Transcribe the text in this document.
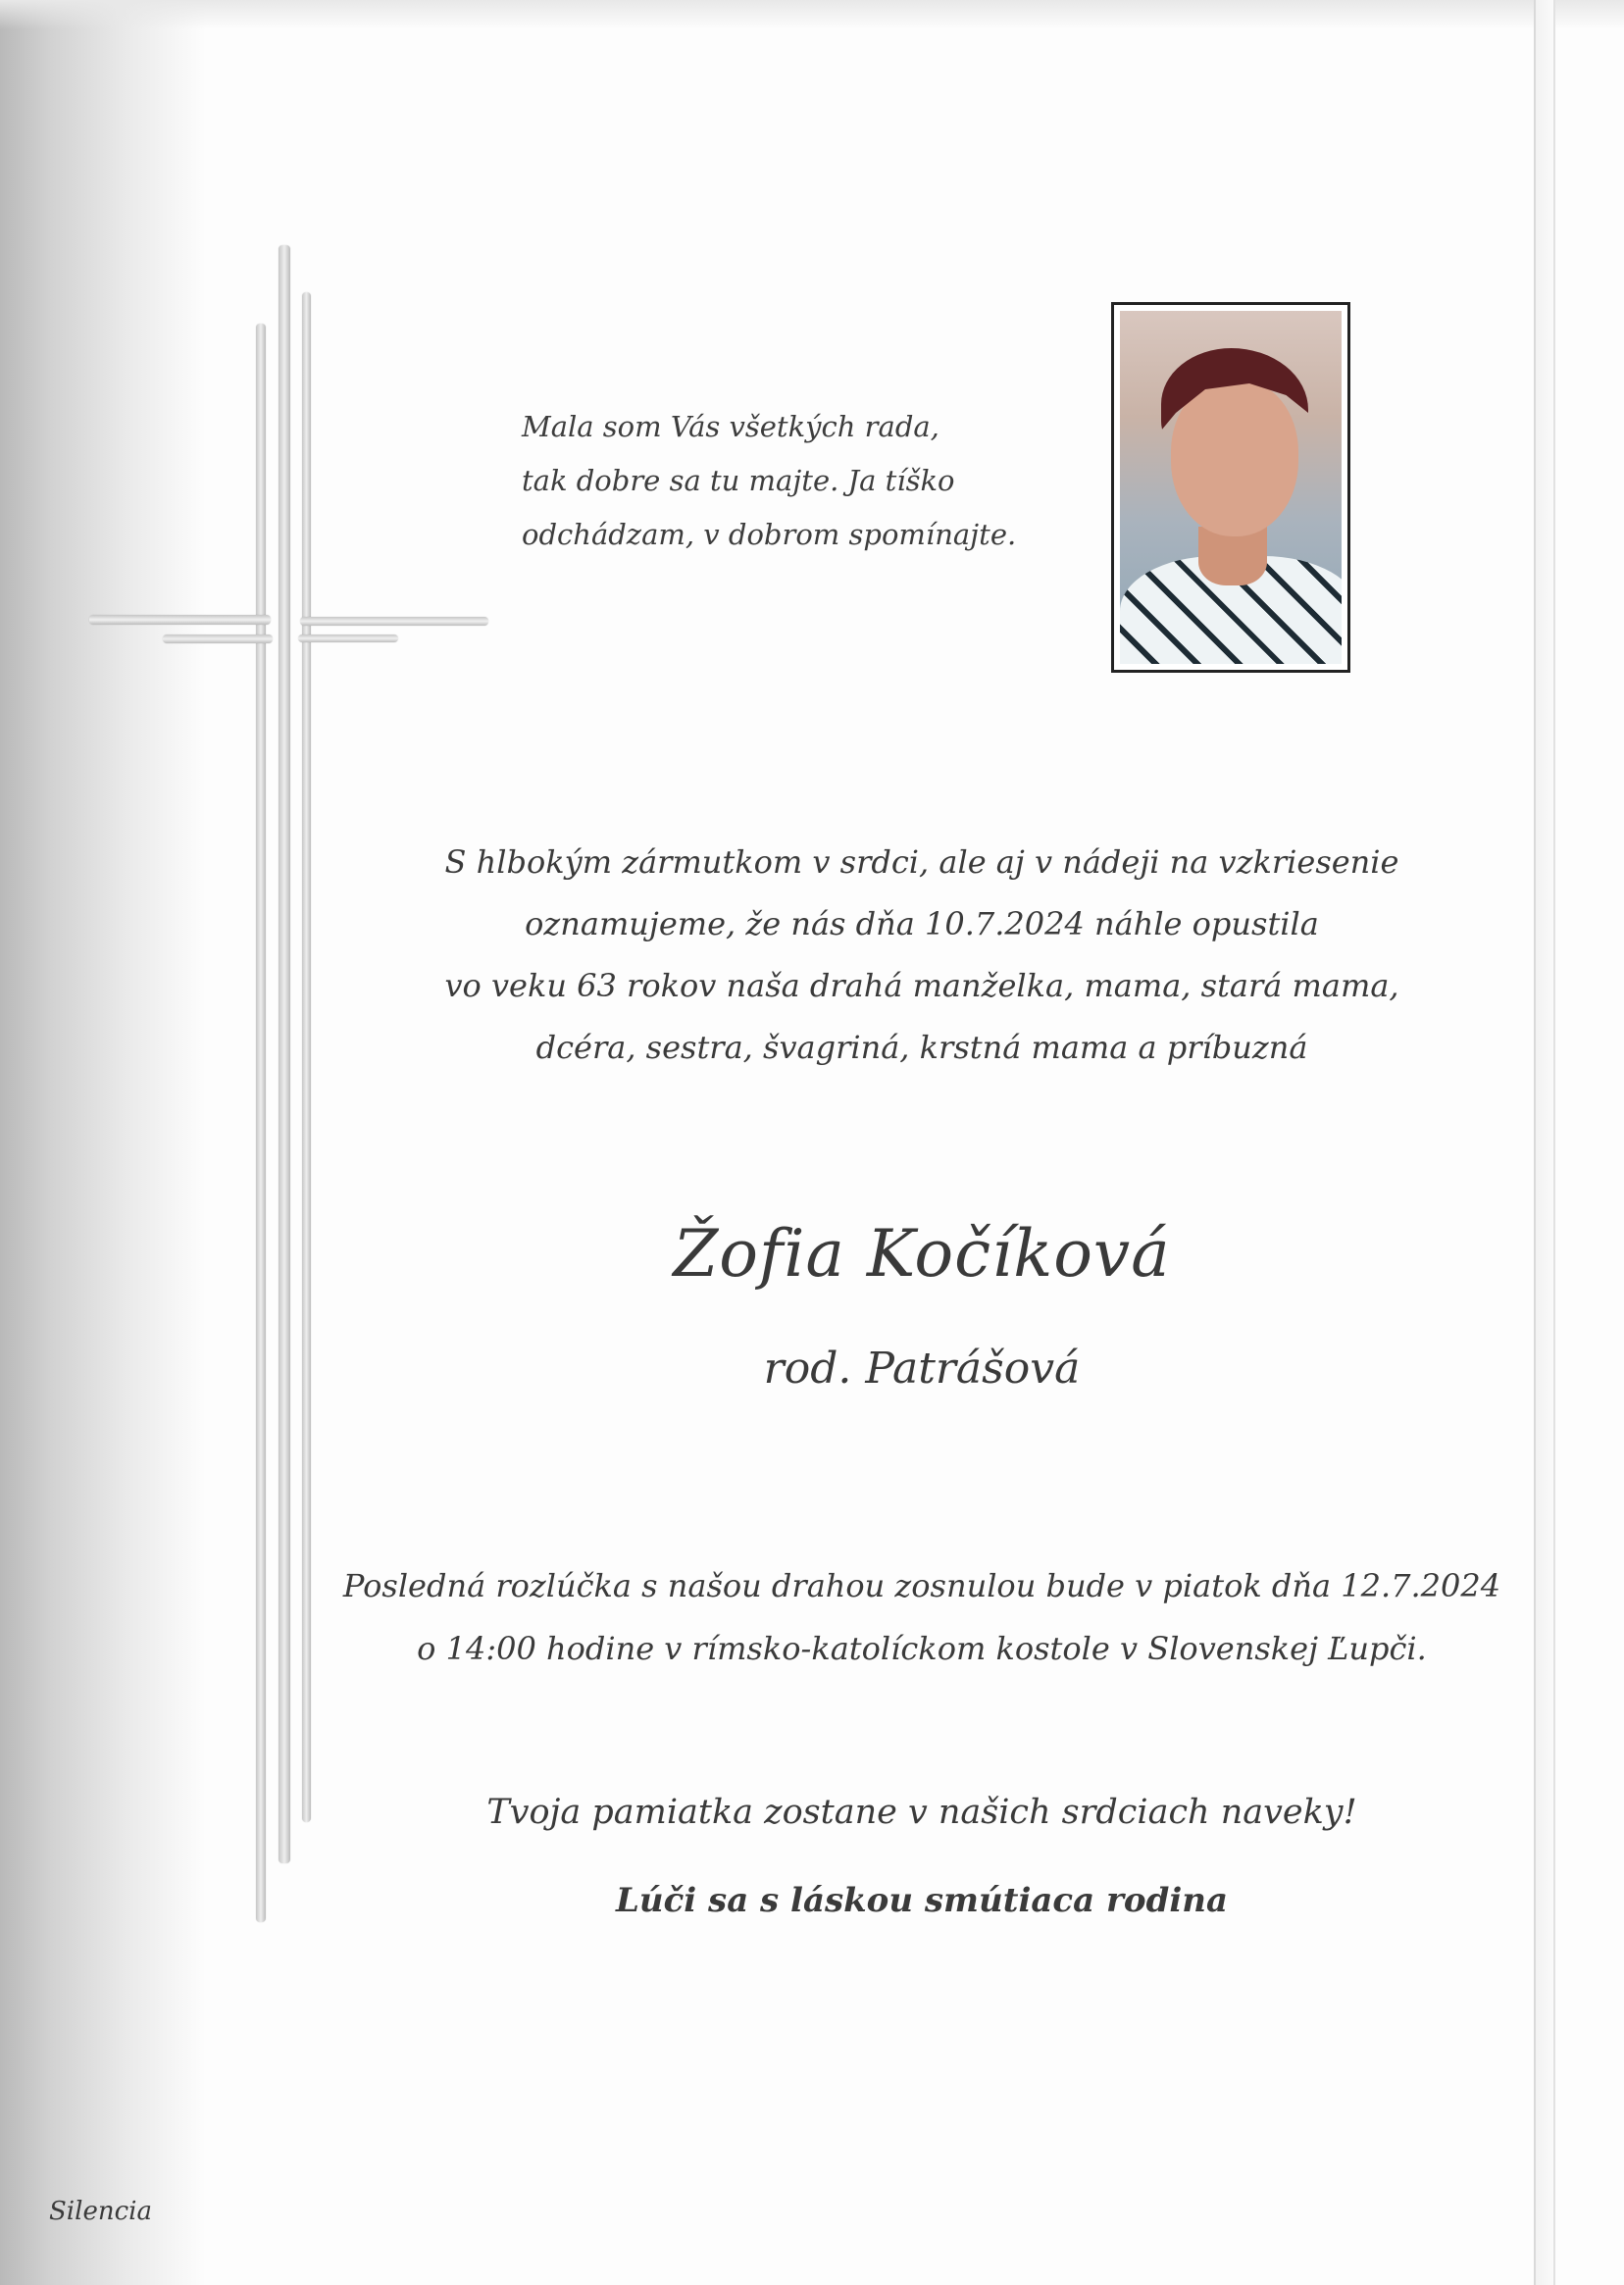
Mala som Vás všetkých rada,
tak dobre sa tu majte. Ja tíško
odchádzam, v dobrom spomínajte.
S hlbokým zármutkom v srdci, ale aj v nádeji na vzkriesenie
oznamujeme, že nás dňa 10.7.2024 náhle opustila
vo veku 63 rokov naša drahá manželka, mama, stará mama,
dcéra, sestra, švagriná, krstná mama a príbuzná
Žofia Kočíková
rod. Patrášová
Posledná rozlúčka s našou drahou zosnulou bude v piatok dňa 12.7.2024
o 14:00 hodine v rímsko-katolíckom kostole v Slovenskej Ľupči.
Tvoja pamiatka zostane v našich srdciach naveky!
Lúči sa s láskou smútiaca rodina
Silencia
